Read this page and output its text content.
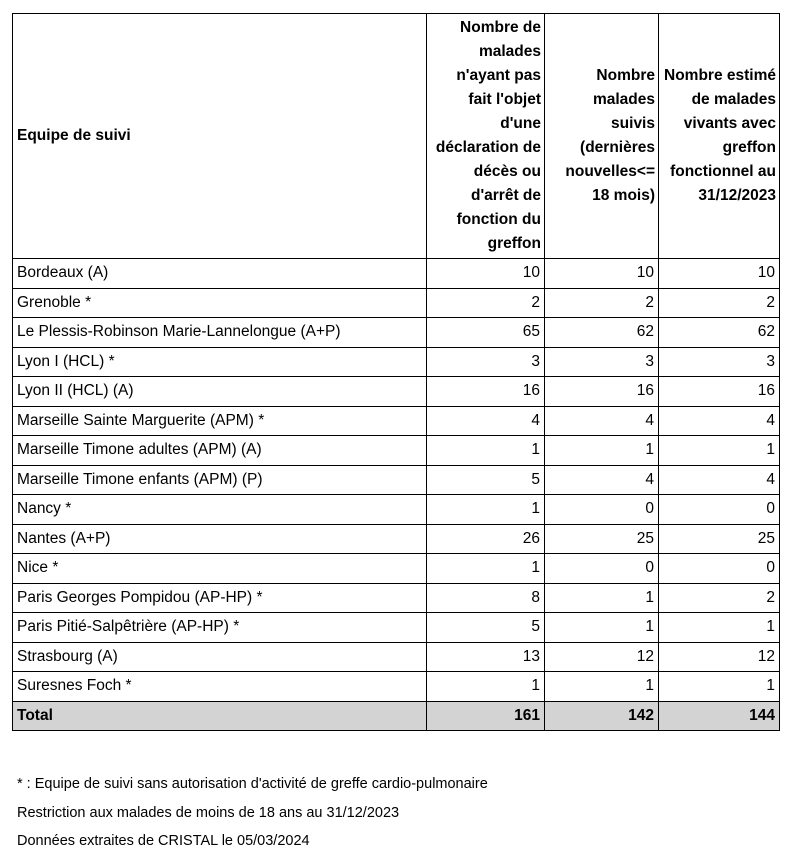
Equipe de suivi	Nombre de malades n'ayant pas fait l'objet d'une déclaration de décès ou d'arrêt de fonction du greffon	Nombre malades suivis (dernières nouvelles<= 18 mois)	Nombre estimé de malades vivants avec greffon fonctionnel au 31/12/2023
Bordeaux (A)	10	10	10
Grenoble *	2	2	2
Le Plessis-Robinson Marie-Lannelongue (A+P)	65	62	62
Lyon I (HCL) *	3	3	3
Lyon II (HCL) (A)	16	16	16
Marseille Sainte Marguerite (APM) *	4	4	4
Marseille Timone adultes (APM) (A)	1	1	1
Marseille Timone enfants (APM) (P)	5	4	4
Nancy *	1	0	0
Nantes (A+P)	26	25	25
Nice *	1	0	0
Paris Georges Pompidou (AP-HP) *	8	1	2
Paris Pitié-Salpêtrière (AP-HP) *	5	1	1
Strasbourg (A)	13	12	12
Suresnes Foch *	1	1	1
Total	161	142	144
* : Equipe de suivi sans autorisation d'activité de greffe cardio-pulmonaire
Restriction aux malades de moins de 18 ans au 31/12/2023
Données extraites de CRISTAL le 05/03/2024
